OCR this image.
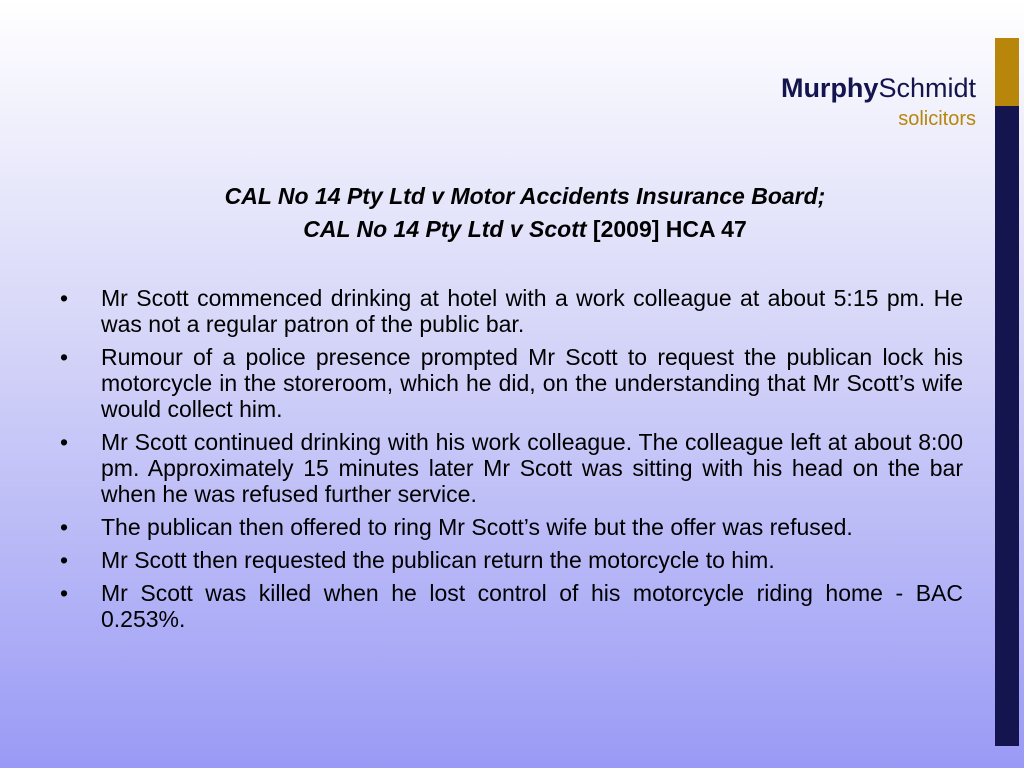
MurphySchmidt
solicitors
CAL No 14 Pty Ltd v Motor Accidents Insurance Board;
CAL No 14 Pty Ltd v Scott [2009] HCA 47
• Mr Scott commenced drinking at hotel with a work colleague at about 5:15 pm. He was not a regular patron of the public bar.
• Rumour of a police presence prompted Mr Scott to request the publican lock his motorcycle in the storeroom, which he did, on the understanding that Mr Scott’s wife would collect him.
• Mr Scott continued drinking with his work colleague. The colleague left at about 8:00 pm. Approximately 15 minutes later Mr Scott was sitting with his head on the bar when he was refused further service.
• The publican then offered to ring Mr Scott’s wife but the offer was refused.
• Mr Scott then requested the publican return the motorcycle to him.
• Mr Scott was killed when he lost control of his motorcycle riding home - BAC 0.253%.
